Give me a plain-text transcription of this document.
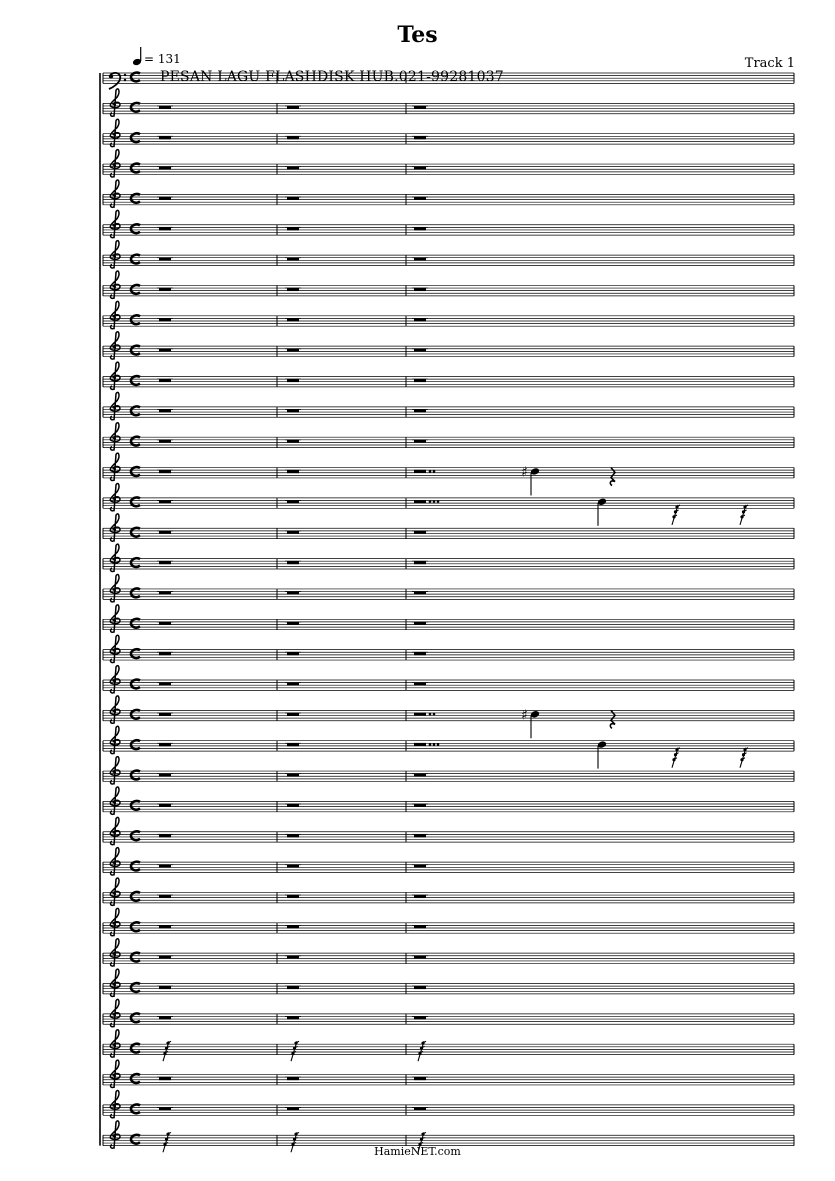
Tes
= 131	Track 1
PESAN LAGU FLASHDISK HUB.021-99281037
♯
♯
HamieNET.com
